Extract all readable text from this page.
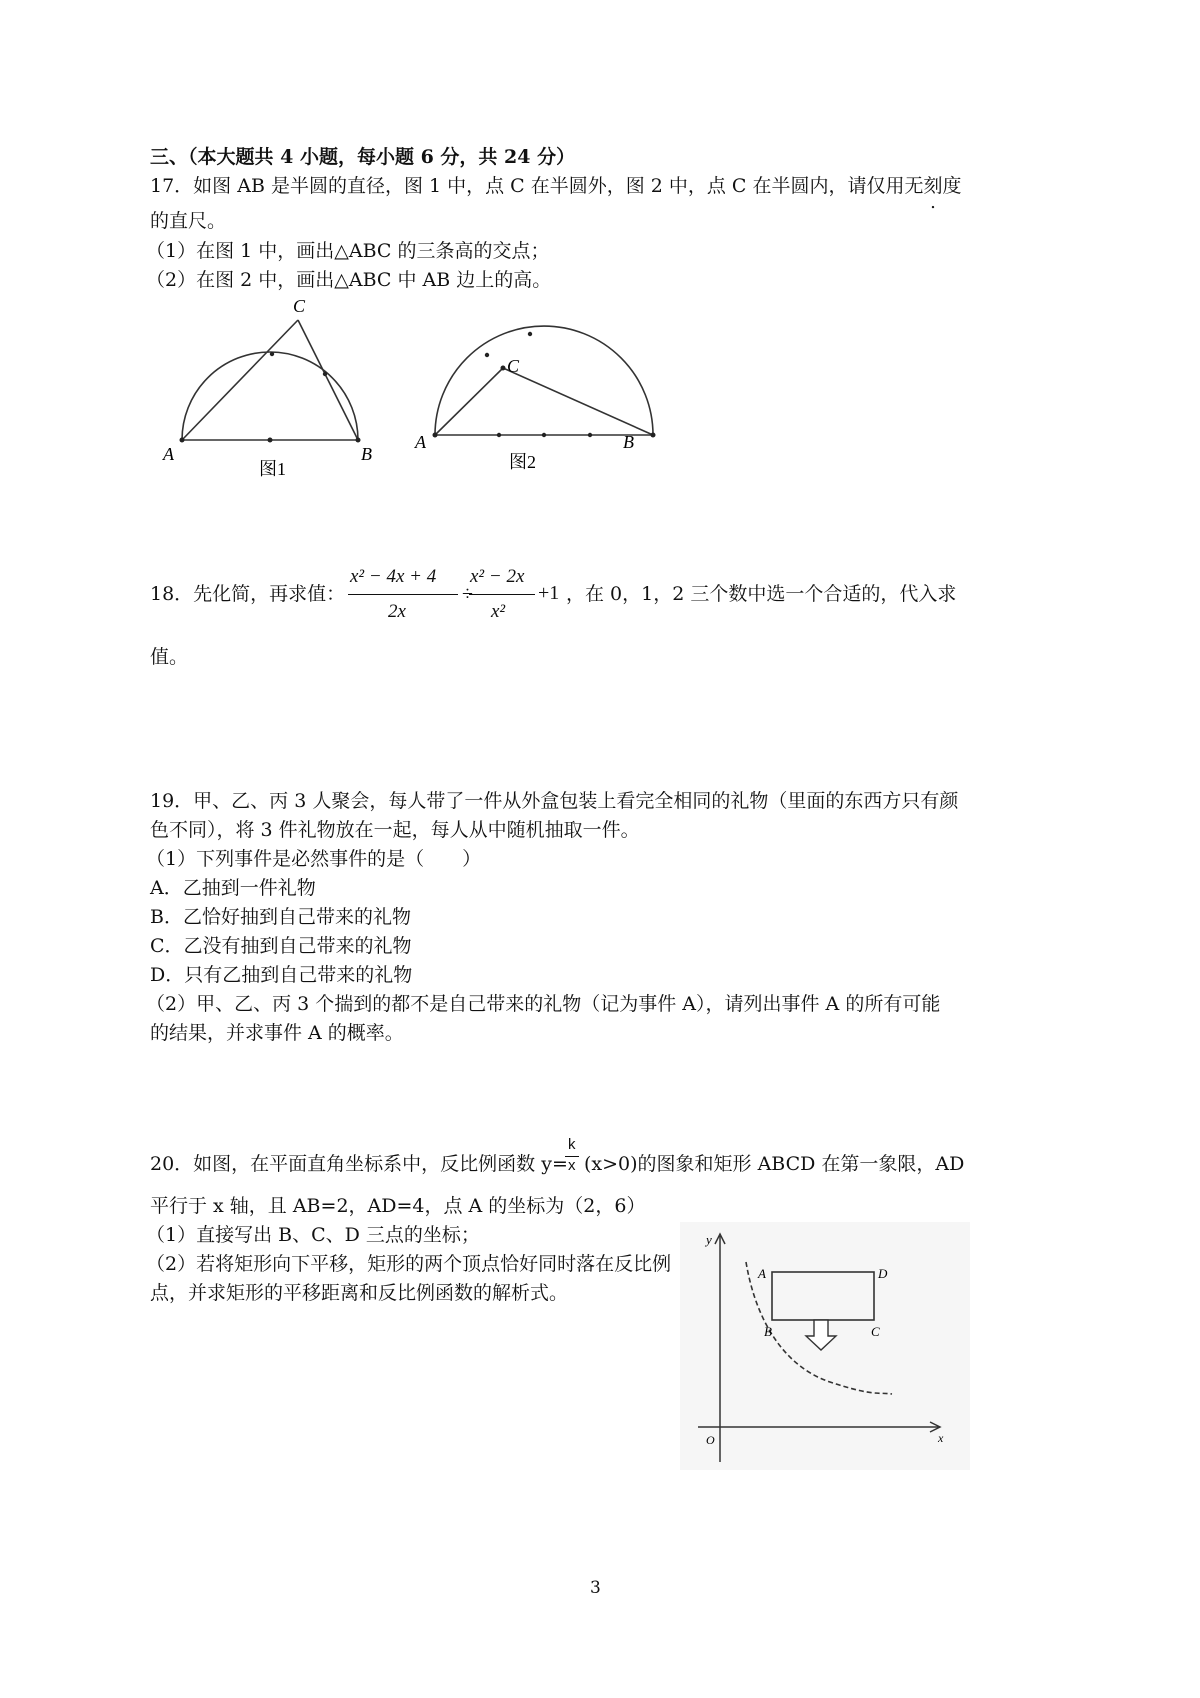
三、（本大题共 4 小题，每小题 6 分，共 24 分）
17．如图 AB 是半圆的直径，图 1 中，点 C 在半圆外，图 2 中，点 C 在半圆内，请仅用无刻度
的直尺。
（1）在图 1 中，画出△ABC 的三条高的交点；
（2）在图 2 中，画出△ABC 中 AB 边上的高。
C
A	B
图1
C
A	B
图2
18．先化简，再求值：
x² − 4x + 4
2x
÷
x² − 2x
x²
+1 ，在 0，1，2 三个数中选一个合适的，代入求
值。
19．甲、乙、丙 3 人聚会，每人带了一件从外盒包装上看完全相同的礼物（里面的东西方只有颜
色不同），将 3 件礼物放在一起，每人从中随机抽取一件。
（1）下列事件是必然事件的是（　　）
A．乙抽到一件礼物
B．乙恰好抽到自己带来的礼物
C．乙没有抽到自己带来的礼物
D．只有乙抽到自己带来的礼物
（2）甲、乙、丙 3 个揣到的都不是自己带来的礼物（记为事件 A），请列出事件 A 的所有可能
的结果，并求事件 A 的概率。
20．如图，在平面直角坐标系中，反比例函数 y=
k
x (x>0)的图象和矩形 ABCD 在第一象限，AD
平行于 x 轴，且 AB=2，AD=4，点 A 的坐标为（2，6）
（1）直接写出 B、C、D 三点的坐标；
（2）若将矩形向下平移，矩形的两个顶点恰好同时落在反比例
点，并求矩形的平移距离和反比例函数的解析式。
y
x
O
A	D
B	C
3
